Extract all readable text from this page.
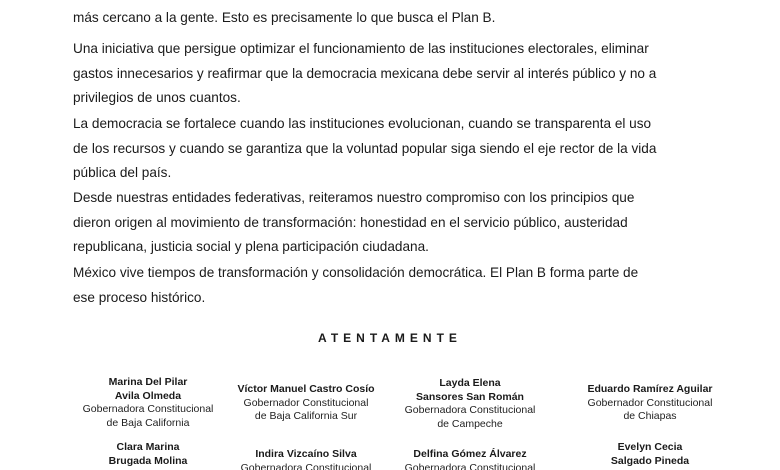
más cercano a la gente. Esto es precisamente lo que busca el Plan B.
Una iniciativa que persigue optimizar el funcionamiento de las instituciones electorales, eliminar
gastos innecesarios y reafirmar que la democracia mexicana debe servir al interés público y no a
privilegios de unos cuantos.
La democracia se fortalece cuando las instituciones evolucionan, cuando se transparenta el uso
de los recursos y cuando se garantiza que la voluntad popular siga siendo el eje rector de la vida
pública del país.
Desde nuestras entidades federativas, reiteramos nuestro compromiso con los principios que
dieron origen al movimiento de transformación: honestidad en el servicio público, austeridad
republicana, justicia social y plena participación ciudadana.
México vive tiempos de transformación y consolidación democrática. El Plan B forma parte de
ese proceso histórico.
ATENTAMENTE
Marina Del Pilar
Avila Olmeda
Gobernadora Constitucional
de Baja California
Víctor Manuel Castro Cosío
Gobernador Constitucional
de Baja California Sur
Layda Elena
Sansores San Román
Gobernadora Constitucional
de Campeche
Eduardo Ramírez Aguilar
Gobernador Constitucional
de Chiapas
Clara Marina
Brugada Molina
Indira Vizcaíno Silva
Gobernadora Constitucional
Delfina Gómez Álvarez
Gobernadora Constitucional
Evelyn Cecia
Salgado Pineda
